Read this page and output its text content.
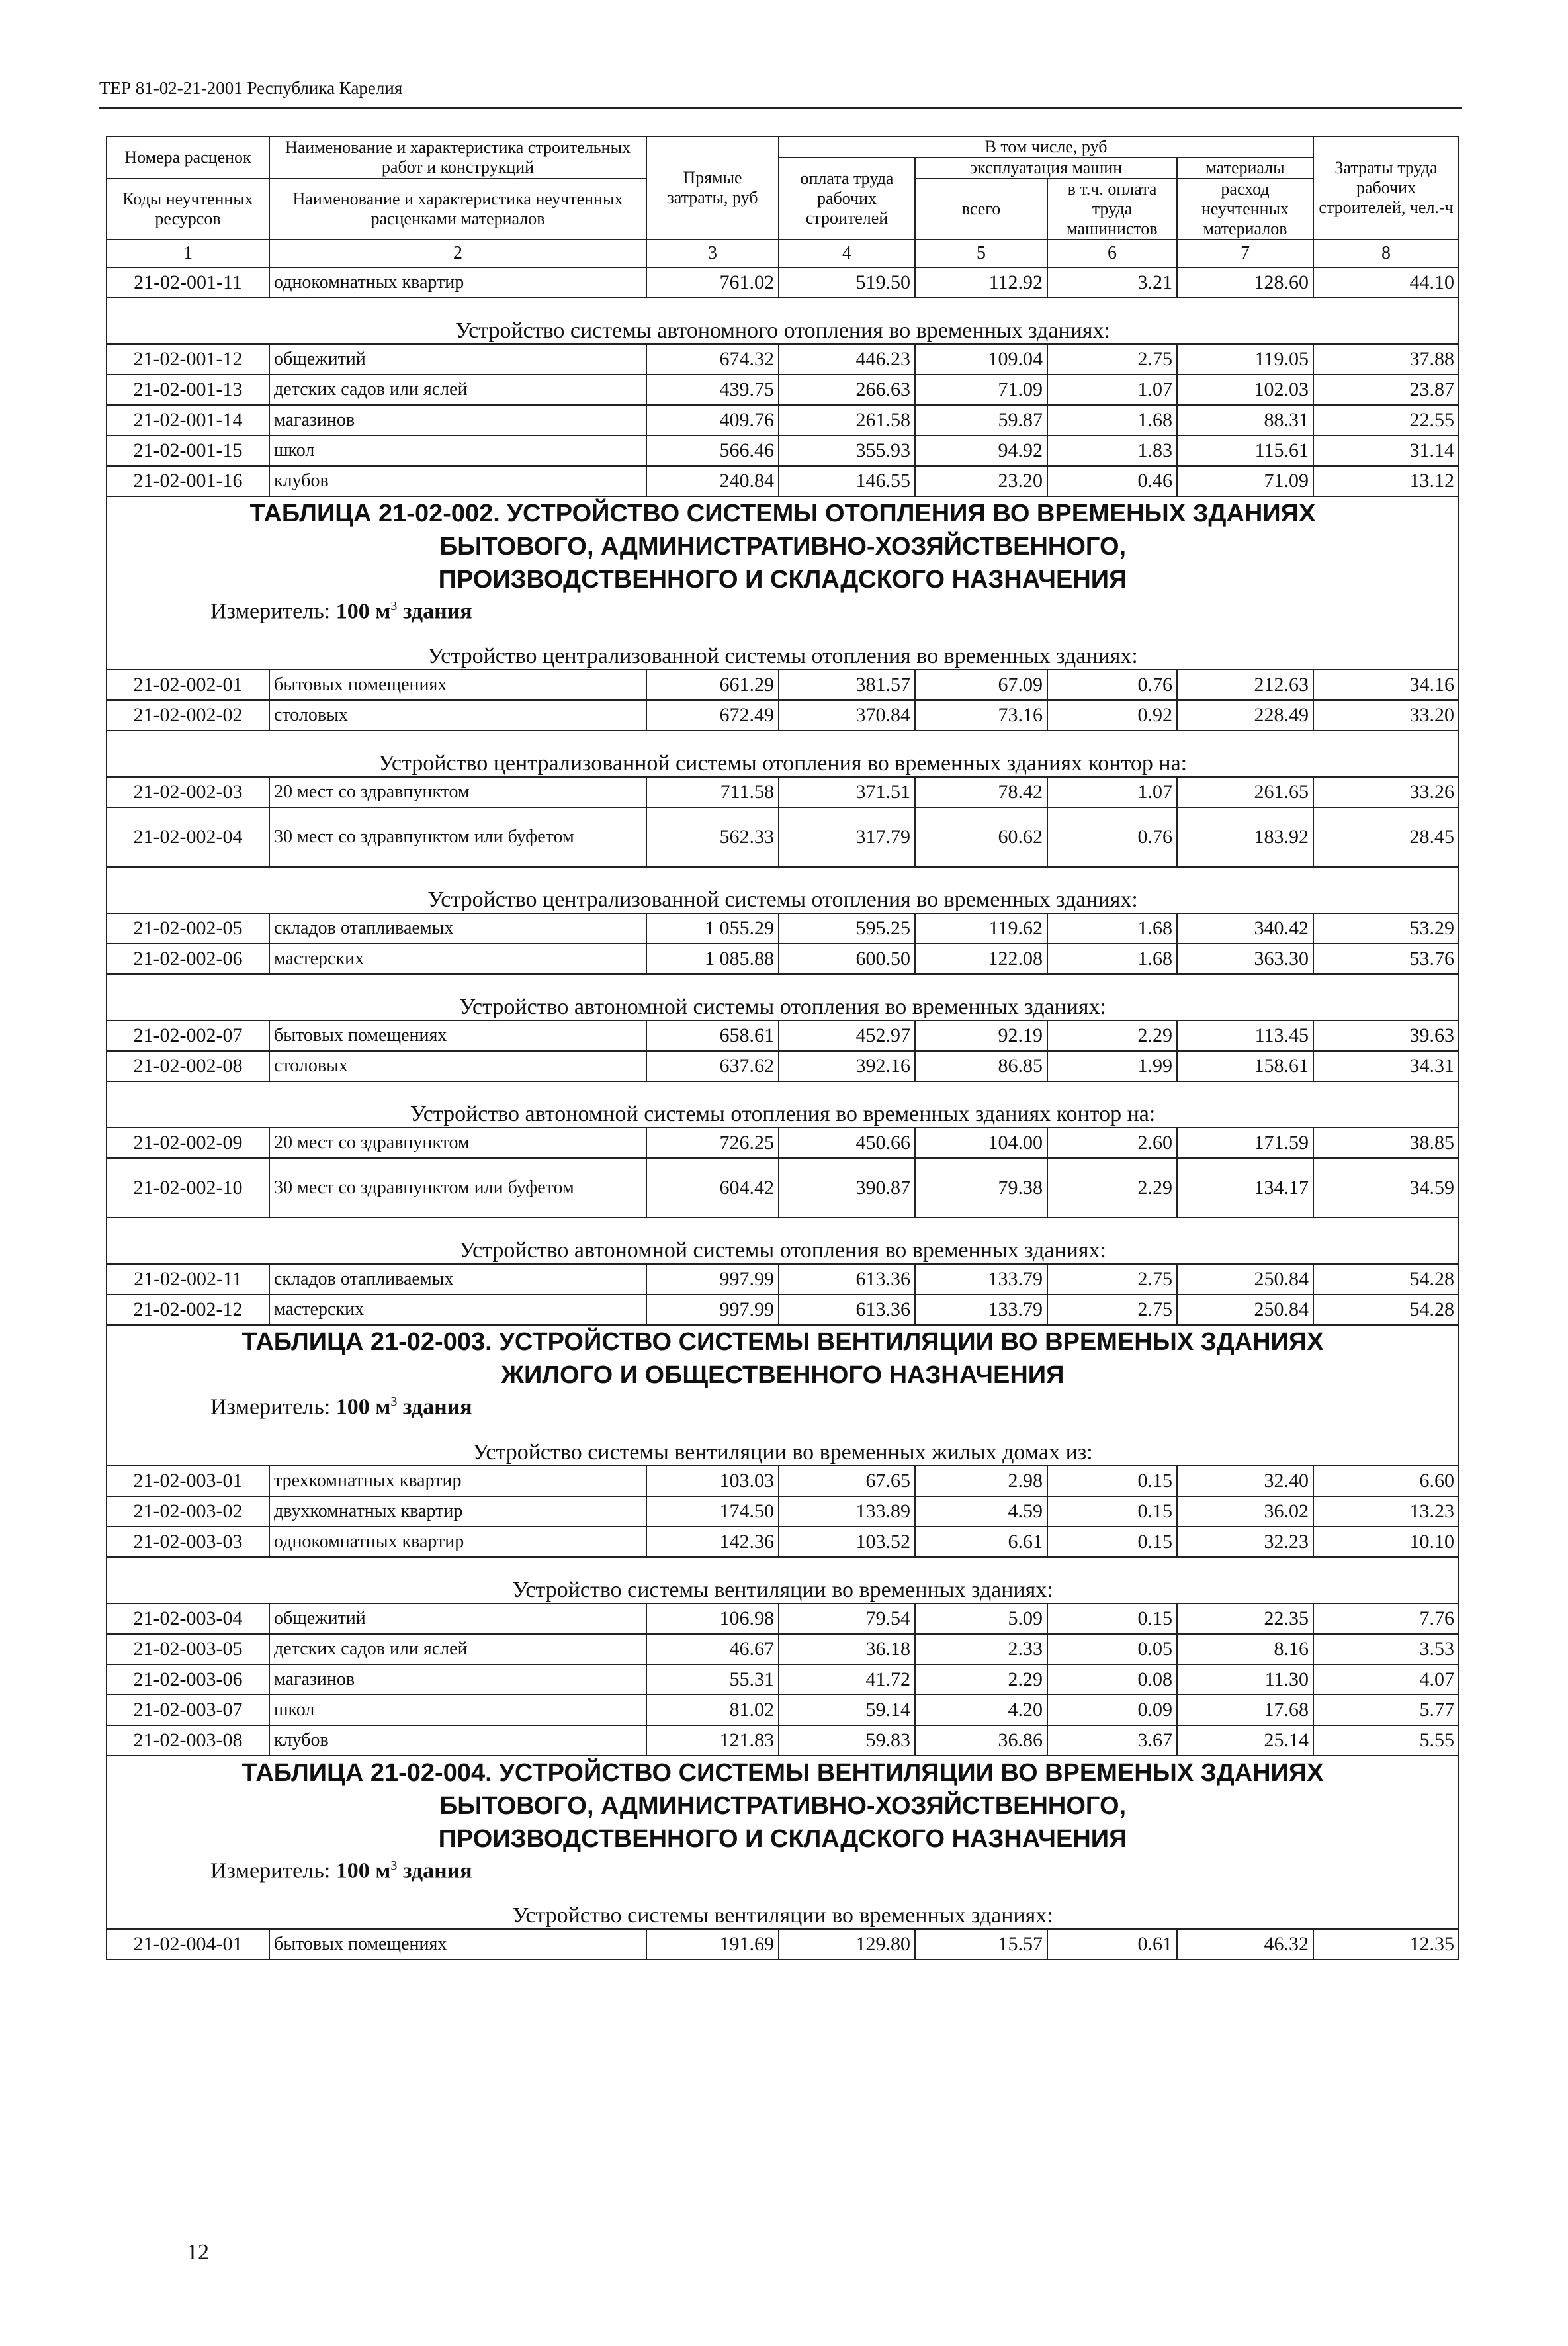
ТЕР 81-02-21-2001 Республика Карелия
Номера расценок	Наименование и характеристика строительных работ и конструкций	Прямые затраты, руб	В том числе, руб				Затраты труда рабочих строителей, чел.-ч
			оплата труда рабочих строителей	эксплуатация машин		материалы	
Коды неучтенных ресурсов	Наименование и характеристика неучтенных расценками материалов			всего	в т.ч. оплата труда машинистов	расход неучтенных материалов	

1	2	3	4	5	6	7	8
21-02-001-11	однокомнатных квартир	761.02	519.50	112.92	3.21	128.60	44.10
Устройство системы автономного отопления во временных зданиях:							
21-02-001-12	общежитий	674.32	446.23	109.04	2.75	119.05	37.88
21-02-001-13	детских садов или яслей	439.75	266.63	71.09	1.07	102.03	23.87
21-02-001-14	магазинов	409.76	261.58	59.87	1.68	88.31	22.55
21-02-001-15	школ	566.46	355.93	94.92	1.83	115.61	31.14
21-02-001-16	клубов	240.84	146.55	23.20	0.46	71.09	13.12

ТАБЛИЦА 21-02-002. УСТРОЙСТВО СИСТЕМЫ ОТОПЛЕНИЯ ВО ВРЕМЕНЫХ ЗДАНИЯХ
БЫТОВОГО, АДМИНИСТРАТИВНО-ХОЗЯЙСТВЕННОГО,
ПРОИЗВОДСТВЕННОГО И СКЛАДСКОГО НАЗНАЧЕНИЯ
Измеритель: 100 $м^3$ здания							

Устройство централизованной системы отопления во временных зданиях:							
21-02-002-01	бытовых помещениях	661.29	381.57	67.09	0.76	212.63	34.16
21-02-002-02	столовых	672.49	370.84	73.16	0.92	228.49	33.20
Устройство централизованной системы отопления во временных зданиях контор на:							
21-02-002-03	20 мест со здравпунктом	711.58	371.51	78.42	1.07	261.65	33.26
21-02-002-04	30 мест со здравпунктом или буфетом	562.33	317.79	60.62	0.76	183.92	28.45
Устройство централизованной системы отопления во временных зданиях:							
21-02-002-05	складов отапливаемых	1 055.29	595.25	119.62	1.68	340.42	53.29
21-02-002-06	мастерских	1 085.88	600.50	122.08	1.68	363.30	53.76
Устройство автономной системы отопления во временных зданиях:							
21-02-002-07	бытовых помещениях	658.61	452.97	92.19	2.29	113.45	39.63
21-02-002-08	столовых	637.62	392.16	86.85	1.99	158.61	34.31
Устройство автономной системы отопления во временных зданиях контор на:							
21-02-002-09	20 мест со здравпунктом	726.25	450.66	104.00	2.60	171.59	38.85
21-02-002-10	30 мест со здравпунктом или буфетом	604.42	390.87	79.38	2.29	134.17	34.59
Устройство автономной системы отопления во временных зданиях:							
21-02-002-11	складов отапливаемых	997.99	613.36	133.79	2.75	250.84	54.28
21-02-002-12	мастерских	997.99	613.36	133.79	2.75	250.84	54.28

ТАБЛИЦА 21-02-003. УСТРОЙСТВО СИСТЕМЫ ВЕНТИЛЯЦИИ ВО ВРЕМЕНЫХ ЗДАНИЯХ
ЖИЛОГО И ОБЩЕСТВЕННОГО НАЗНАЧЕНИЯ
Измеритель: 100 $м^3$ здания							

Устройство системы вентиляции во временных жилых домах из:							
21-02-003-01	трехкомнатных квартир	103.03	67.65	2.98	0.15	32.40	6.60
21-02-003-02	двухкомнатных квартир	174.50	133.89	4.59	0.15	36.02	13.23
21-02-003-03	однокомнатных квартир	142.36	103.52	6.61	0.15	32.23	10.10
Устройство системы вентиляции во временных зданиях:							
21-02-003-04	общежитий	106.98	79.54	5.09	0.15	22.35	7.76
21-02-003-05	детских садов или яслей	46.67	36.18	2.33	0.05	8.16	3.53
21-02-003-06	магазинов	55.31	41.72	2.29	0.08	11.30	4.07
21-02-003-07	школ	81.02	59.14	4.20	0.09	17.68	5.77
21-02-003-08	клубов	121.83	59.83	36.86	3.67	25.14	5.55

ТАБЛИЦА 21-02-004. УСТРОЙСТВО СИСТЕМЫ ВЕНТИЛЯЦИИ ВО ВРЕМЕНЫХ ЗДАНИЯХ
БЫТОВОГО, АДМИНИСТРАТИВНО-ХОЗЯЙСТВЕННОГО,
ПРОИЗВОДСТВЕННОГО И СКЛАДСКОГО НАЗНАЧЕНИЯ
Измеритель: 100 $м^3$ здания							

Устройство системы вентиляции во временных зданиях:							
21-02-004-01	бытовых помещениях	191.69	129.80	15.57	0.61	46.32	12.35
12
